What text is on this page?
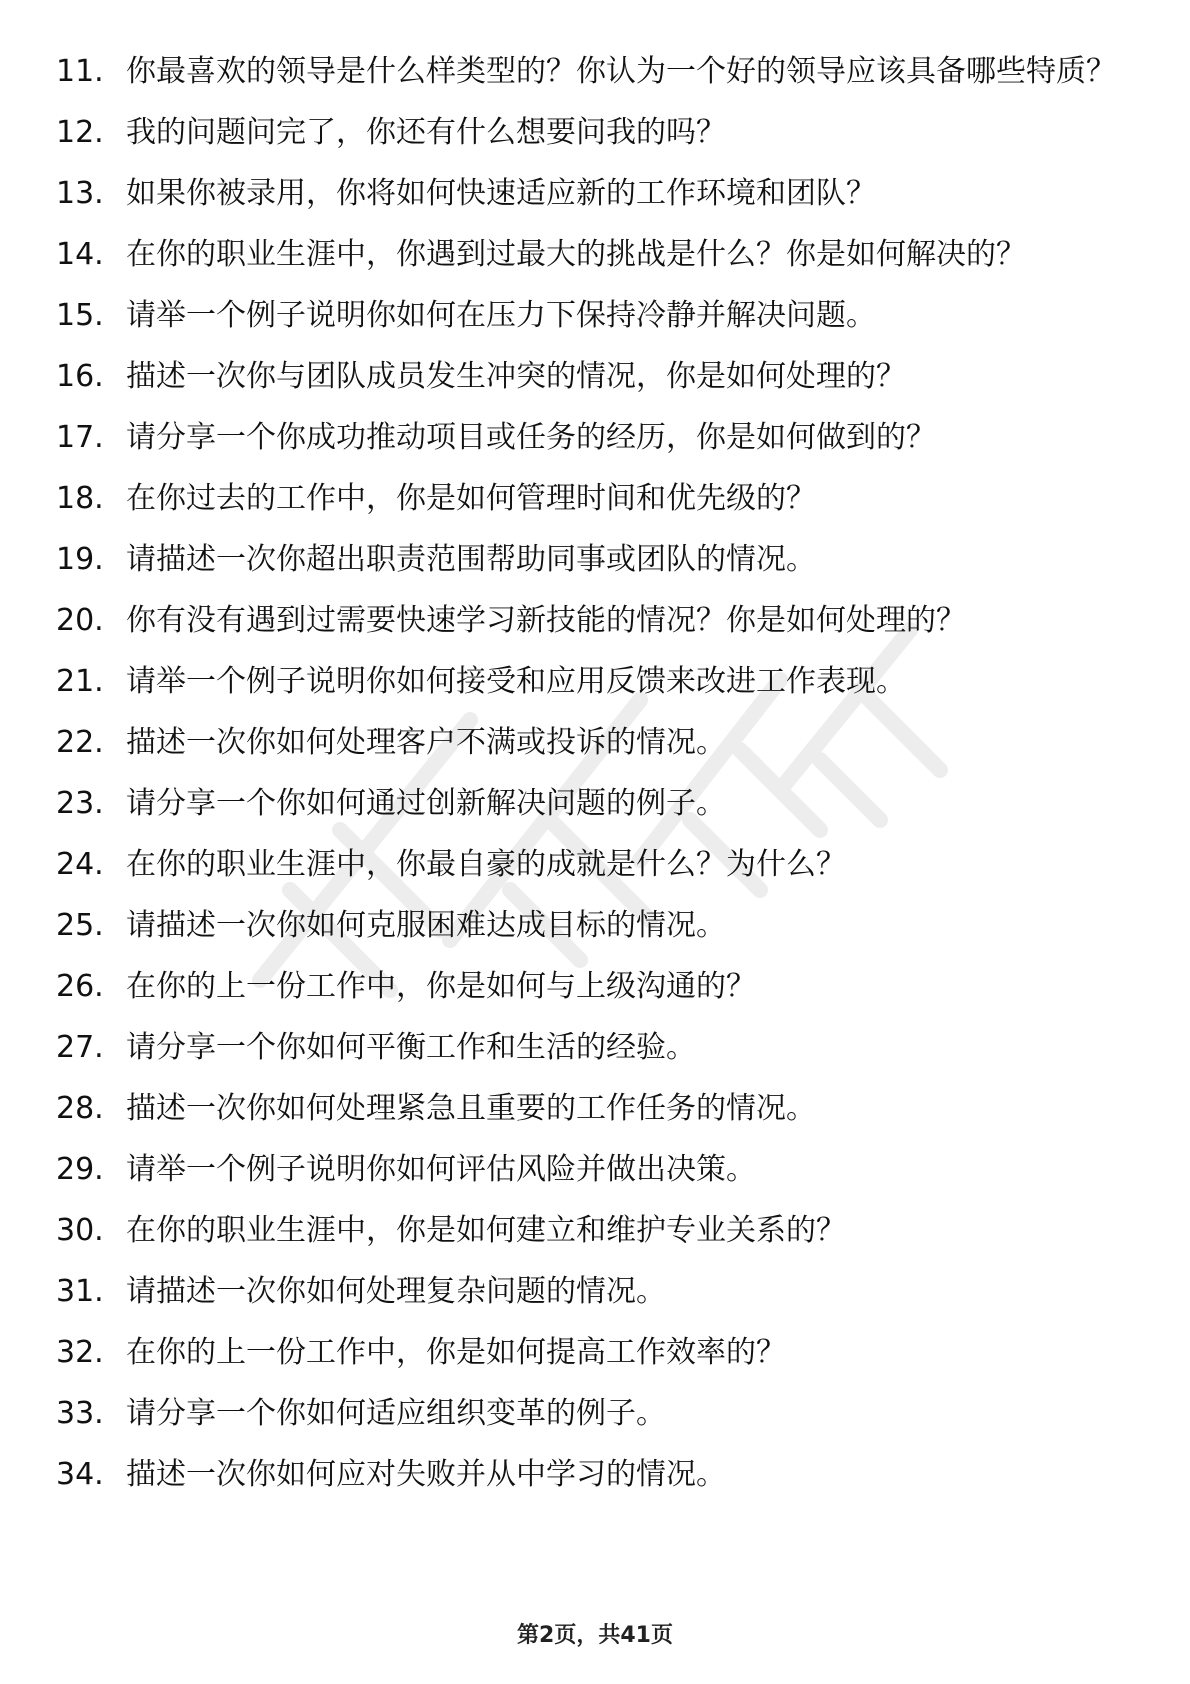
11. 你最喜欢的领导是什么样类型的？你认为一个好的领导应该具备哪些特质？
12. 我的问题问完了，你还有什么想要问我的吗？
13. 如果你被录用，你将如何快速适应新的工作环境和团队？
14. 在你的职业生涯中，你遇到过最大的挑战是什么？你是如何解决的？
15. 请举一个例子说明你如何在压力下保持冷静并解决问题。
16. 描述一次你与团队成员发生冲突的情况，你是如何处理的？
17. 请分享一个你成功推动项目或任务的经历，你是如何做到的？
18. 在你过去的工作中，你是如何管理时间和优先级的？
19. 请描述一次你超出职责范围帮助同事或团队的情况。
20. 你有没有遇到过需要快速学习新技能的情况？你是如何处理的？
21. 请举一个例子说明你如何接受和应用反馈来改进工作表现。
22. 描述一次你如何处理客户不满或投诉的情况。
23. 请分享一个你如何通过创新解决问题的例子。
24. 在你的职业生涯中，你最自豪的成就是什么？为什么？
25. 请描述一次你如何克服困难达成目标的情况。
26. 在你的上一份工作中，你是如何与上级沟通的？
27. 请分享一个你如何平衡工作和生活的经验。
28. 描述一次你如何处理紧急且重要的工作任务的情况。
29. 请举一个例子说明你如何评估风险并做出决策。
30. 在你的职业生涯中，你是如何建立和维护专业关系的？
31. 请描述一次你如何处理复杂问题的情况。
32. 在你的上一份工作中，你是如何提高工作效率的？
33. 请分享一个你如何适应组织变革的例子。
34. 描述一次你如何应对失败并从中学习的情况。
第2页，共41页
